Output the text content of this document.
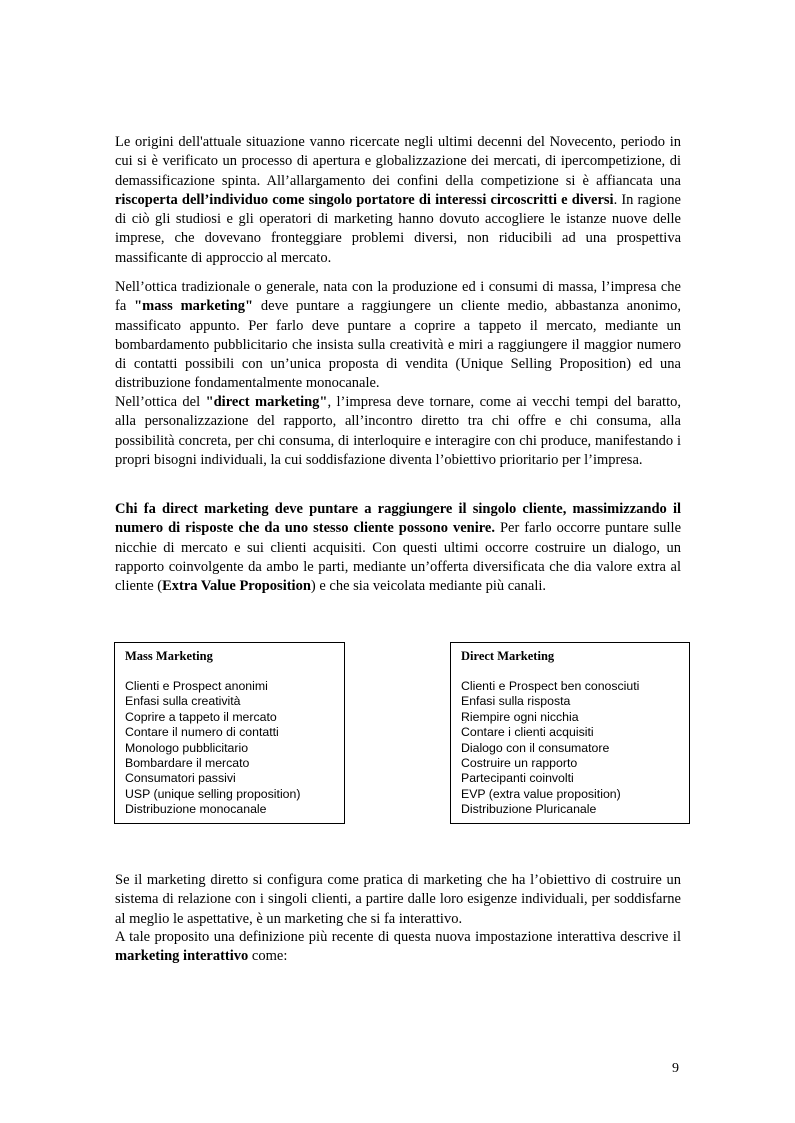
Le origini dell'attuale situazione vanno ricercate negli ultimi decenni del Novecento, periodo in cui si è verificato un processo di apertura e globalizzazione dei mercati, di ipercompetizione, di demassificazione spinta. All’allargamento dei confini della competizione si è affiancata una riscoperta dell’individuo come singolo portatore di interessi circoscritti e diversi. In ragione di ciò gli studiosi e gli operatori di marketing hanno dovuto accogliere le istanze nuove delle imprese, che dovevano fronteggiare problemi diversi, non riducibili ad una prospettiva massificante di approccio al mercato.

Nell’ottica tradizionale o generale, nata con la produzione ed i consumi di massa, l’impresa che fa "mass marketing" deve puntare a raggiungere un cliente medio, abbastanza anonimo, massificato appunto. Per farlo deve puntare a coprire a tappeto il mercato, mediante un bombardamento pubblicitario che insista sulla creatività e miri a raggiungere il maggior numero di contatti possibili con un’unica proposta di vendita (Unique Selling Proposition) ed una distribuzione fondamentalmente monocanale.

Nell’ottica del "direct marketing", l’impresa deve tornare, come ai vecchi tempi del baratto, alla personalizzazione del rapporto, all’incontro diretto tra chi offre e chi consuma, alla possibilità concreta, per chi consuma, di interloquire e interagire con chi produce, manifestando i propri bisogni individuali, la cui soddisfazione diventa l’obiettivo prioritario per l’impresa.

Chi fa direct marketing deve puntare a raggiungere il singolo cliente, massimizzando il numero di risposte che da uno stesso cliente possono venire. Per farlo occorre puntare sulle nicchie di mercato e sui clienti acquisiti. Con questi ultimi occorre costruire un dialogo, un rapporto coinvolgente da ambo le parti, mediante un’offerta diversificata che dia valore extra al cliente (Extra Value Proposition) e che sia veicolata mediante più canali.

Mass Marketing
Clienti e Prospect anonimi
Enfasi sulla creatività
Coprire a tappeto il mercato
Contare il numero di contatti
Monologo pubblicitario
Bombardare il mercato
Consumatori passivi
USP (unique selling proposition)
Distribuzione monocanale
Direct Marketing
Clienti e Prospect ben conosciuti
Enfasi sulla risposta
Riempire ogni nicchia
Contare i clienti acquisiti
Dialogo con il consumatore
Costruire un rapporto
Partecipanti coinvolti
EVP (extra value proposition)
Distribuzione Pluricanale

Se il marketing diretto si configura come pratica di marketing che ha l’obiettivo di costruire un sistema di relazione con i singoli clienti, a partire dalle loro esigenze individuali, per soddisfarne al meglio le aspettative, è un marketing che si fa interattivo.

A tale proposito una definizione più recente di questa nuova impostazione interattiva descrive il marketing interattivo come:

9
